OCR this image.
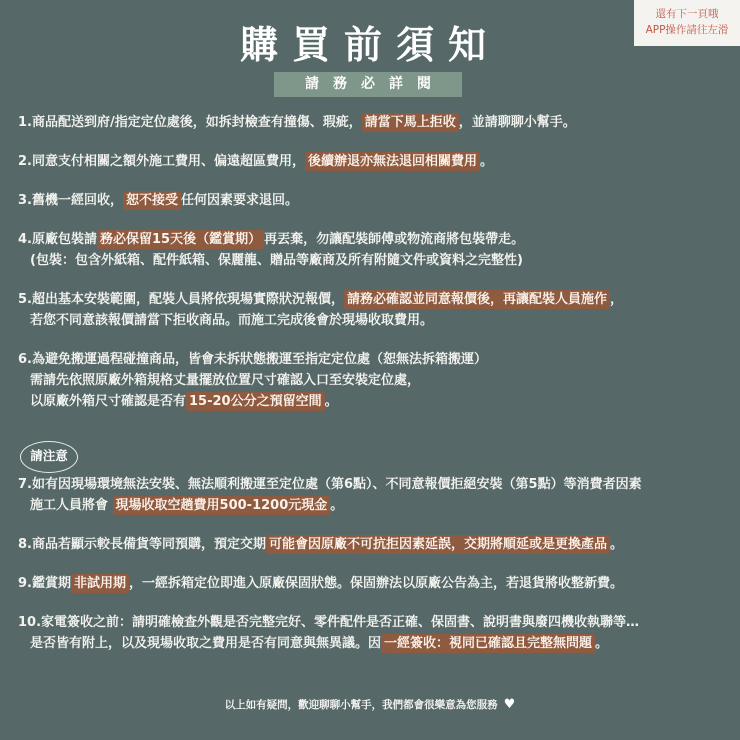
還有下一頁哦
APP操作請往左滑
購買前須知
請務必詳閱

1.商品配送到府/指定定位處後，如拆封檢查有撞傷、瑕疵， 請當下馬上拒收 ，並請聊聊小幫手。

2.同意支付相關之額外施工費用、偏遠超區費用， 後續辦退亦無法退回相關費用 。

3.舊機一經回收， 恕不接受 任何因素要求退回。

4.原廠包裝請 務必保留15天後（鑑賞期） 再丟棄，勿讓配裝師傅或物流商將包裝帶走。
(包裝：包含外紙箱、配件紙箱、保麗龍、贈品等廠商及所有附隨文件或資料之完整性)

5.超出基本安裝範圍，配裝人員將依現場實際狀況報價， 請務必確認並同意報價後，再讓配裝人員施作 ，
若您不同意該報價請當下拒收商品。而施工完成後會於現場收取費用。

6.為避免搬運過程碰撞商品，皆會未拆狀態搬運至指定定位處（恕無法拆箱搬運）
需請先依照原廠外箱規格丈量擺放位置尺寸確認入口至安裝定位處，
以原廠外箱尺寸確認是否有 15-20公分之預留空間 。

7.如有因現場環境無法安裝、無法順利搬運至定位處（第6點）、不同意報價拒絕安裝（第5點）等消費者因素
施工人員將會 現場收取空趟費用500-1200元現金 。

8.商品若顯示較長備貨等同預購，預定交期 可能會因原廠不可抗拒因素延誤，交期將順延或是更換產品 。

9.鑑賞期 非試用期 ，一經拆箱定位即進入原廠保固狀態。保固辦法以原廠公告為主，若退貨將收整新費。

10.家電簽收之前：請明確檢查外觀是否完整完好、零件配件是否正確、保固書、說明書與廢四機收執聯等…
是否皆有附上，以及現場收取之費用是否有同意與無異議。因 一經簽收：視同已確認且完整無問題 。

請注意
以上如有疑問，歡迎聊聊小幫手，我們都會很樂意為您服務 ♥
